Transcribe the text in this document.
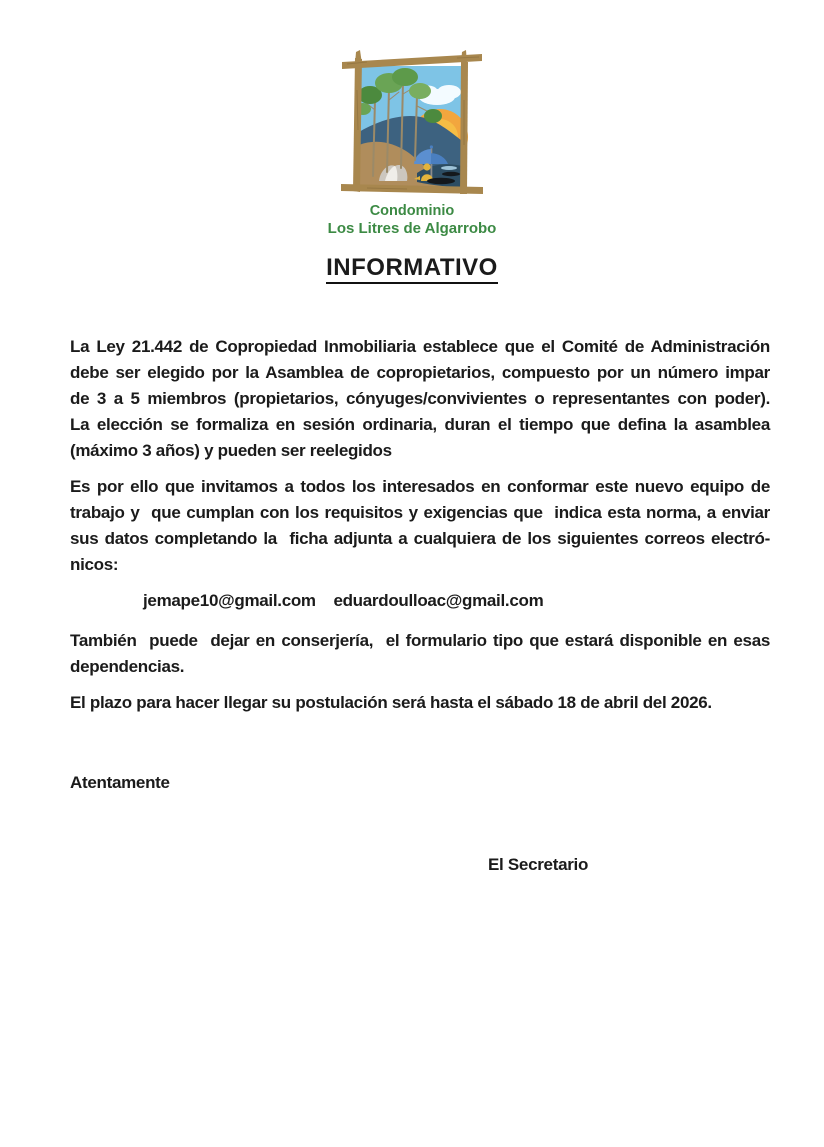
Condominio
Los Litres de Algarrobo
INFORMATIVO
La Ley 21.442 de Copropiedad Inmobiliaria establece que el Comité de Administración
debe ser elegido por la Asamblea de copropietarios, compuesto por un número impar
de 3 a 5 miembros (propietarios, cónyuges/convivientes o representantes con poder).
La elección se formaliza en sesión ordinaria, duran el tiempo que defina la asamblea
(máximo 3 años) y pueden ser reelegidos
Es por ello que invitamos a todos los interesados en conformar este nuevo equipo de
trabajo y  que cumplan con los requisitos y exigencias que  indica esta norma, a enviar
sus datos completando la  ficha adjunta a cualquiera de los siguientes correos electró-
nicos:
jemape10@gmail.com    eduardoulloac@gmail.com
También  puede  dejar en conserjería,  el formulario tipo que estará disponible en esas
dependencias.
El plazo para hacer llegar su postulación será hasta el sábado 18 de abril del 2026.
Atentamente
El Secretario
